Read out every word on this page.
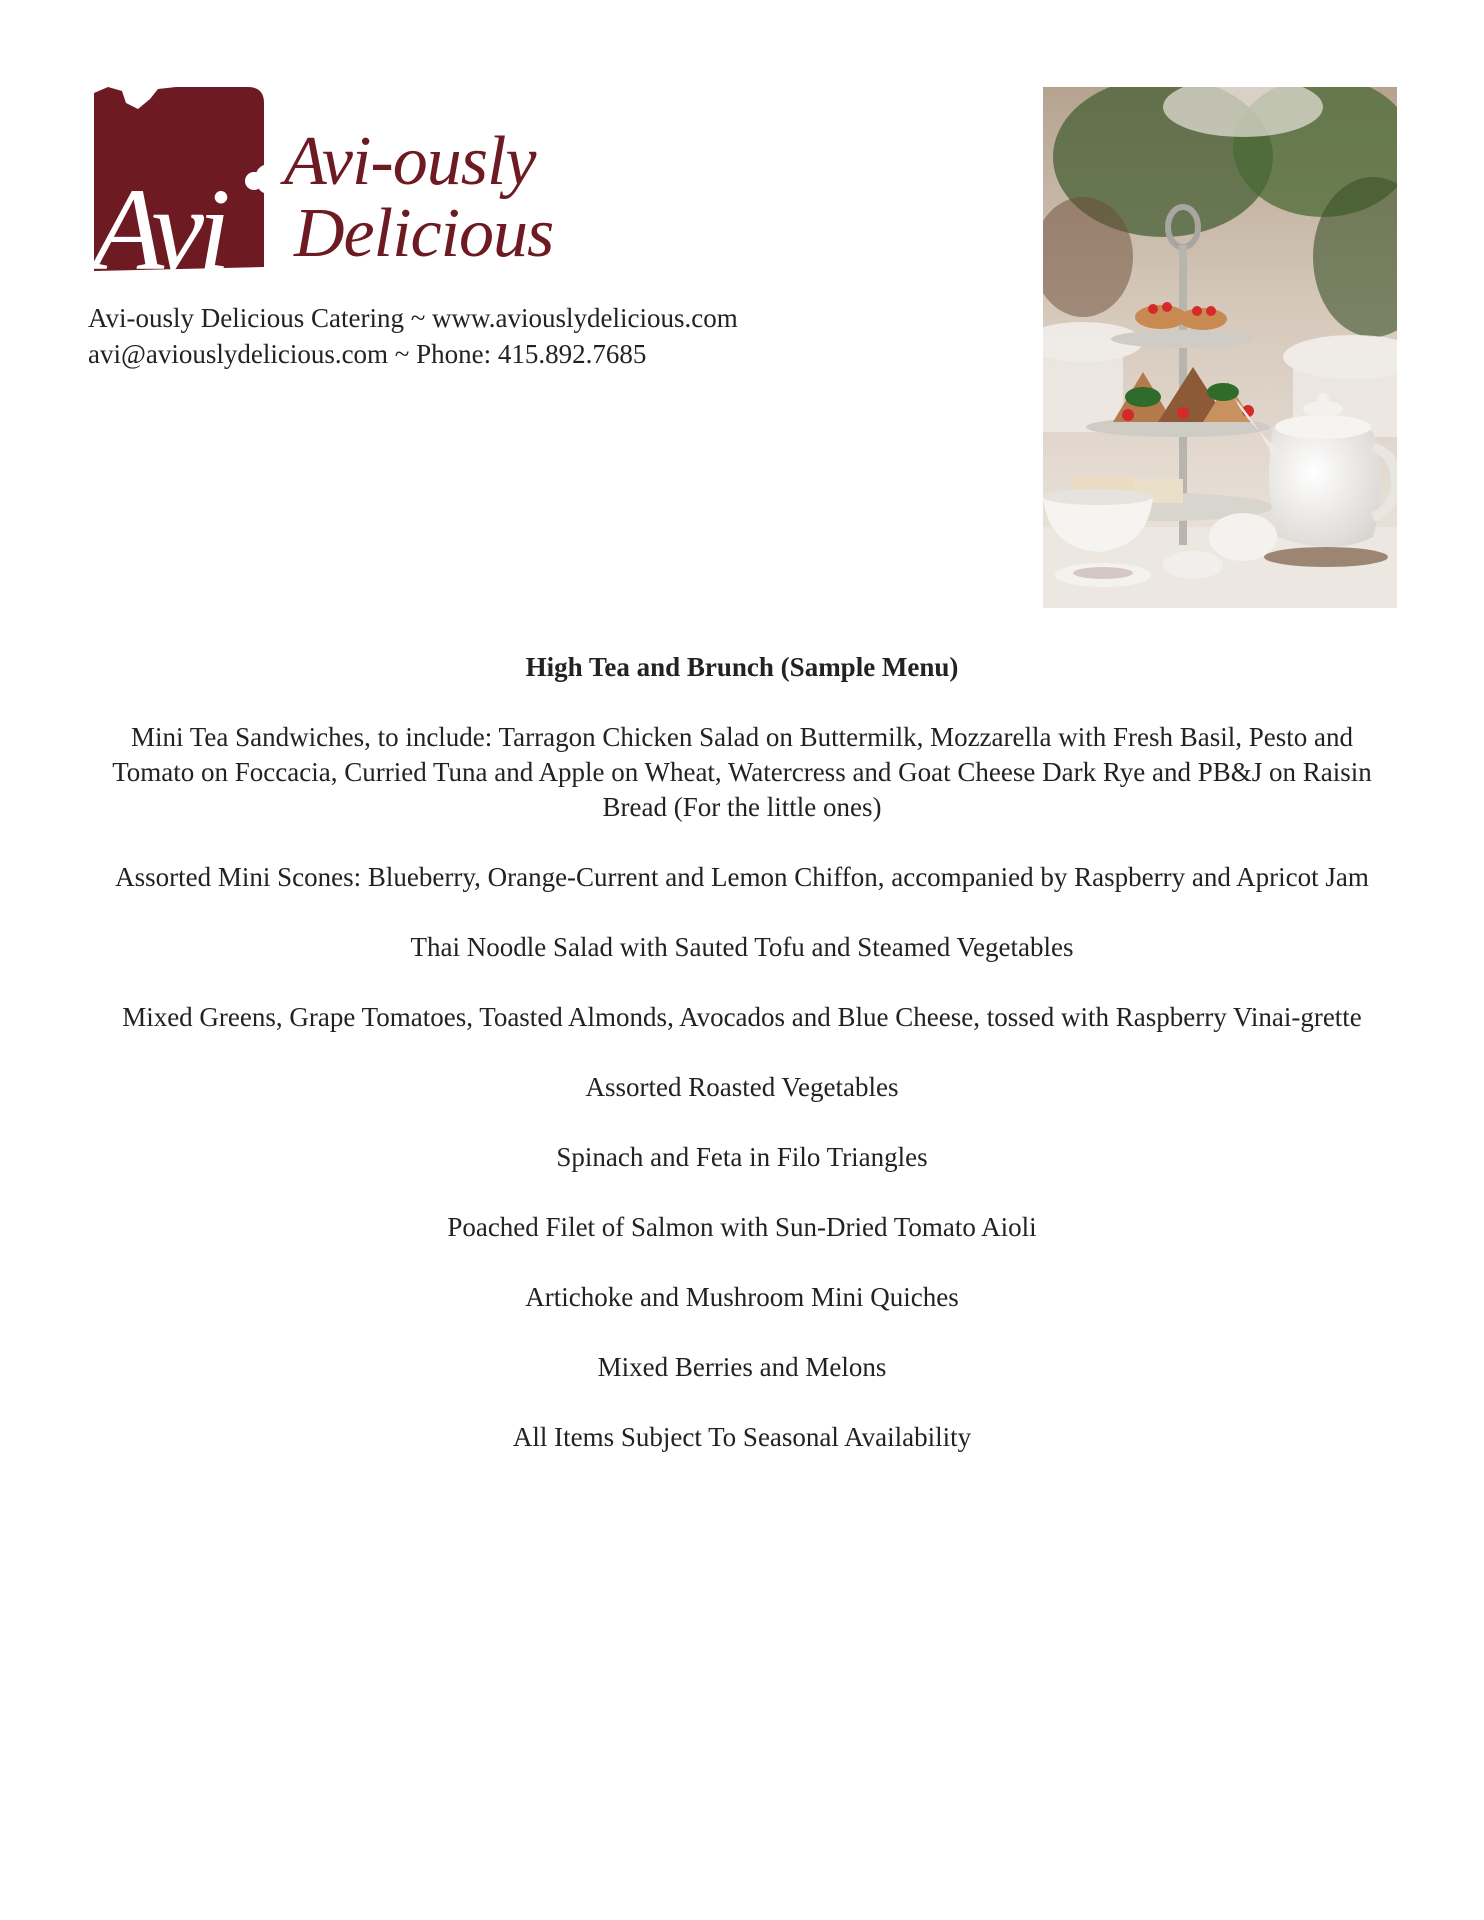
Avi
Avi-ously
Delicious
Avi-ously Delicious Catering ~ www.aviouslydelicious.com
avi@aviouslydelicious.com ~ Phone: 415.892.7685
High Tea and Brunch (Sample Menu)
Mini Tea Sandwiches, to include: Tarragon Chicken Salad on Buttermilk, Mozzarella with Fresh Basil, Pesto and Tomato on Foccacia, Curried Tuna and Apple on Wheat, Watercress and Goat Cheese Dark Rye and PB&J on Raisin Bread (For the little ones)
Assorted Mini Scones: Blueberry, Orange-Current and Lemon Chiffon, accompanied by Raspberry and Apricot Jam
Thai Noodle Salad with Sauted Tofu and Steamed Vegetables
Mixed Greens, Grape Tomatoes, Toasted Almonds, Avocados and Blue Cheese, tossed with Raspberry Vinai-grette
Assorted Roasted Vegetables
Spinach and Feta in Filo Triangles
Poached Filet of Salmon with Sun-Dried Tomato Aioli
Artichoke and Mushroom Mini Quiches
Mixed Berries and Melons
All Items Subject To Seasonal Availability
